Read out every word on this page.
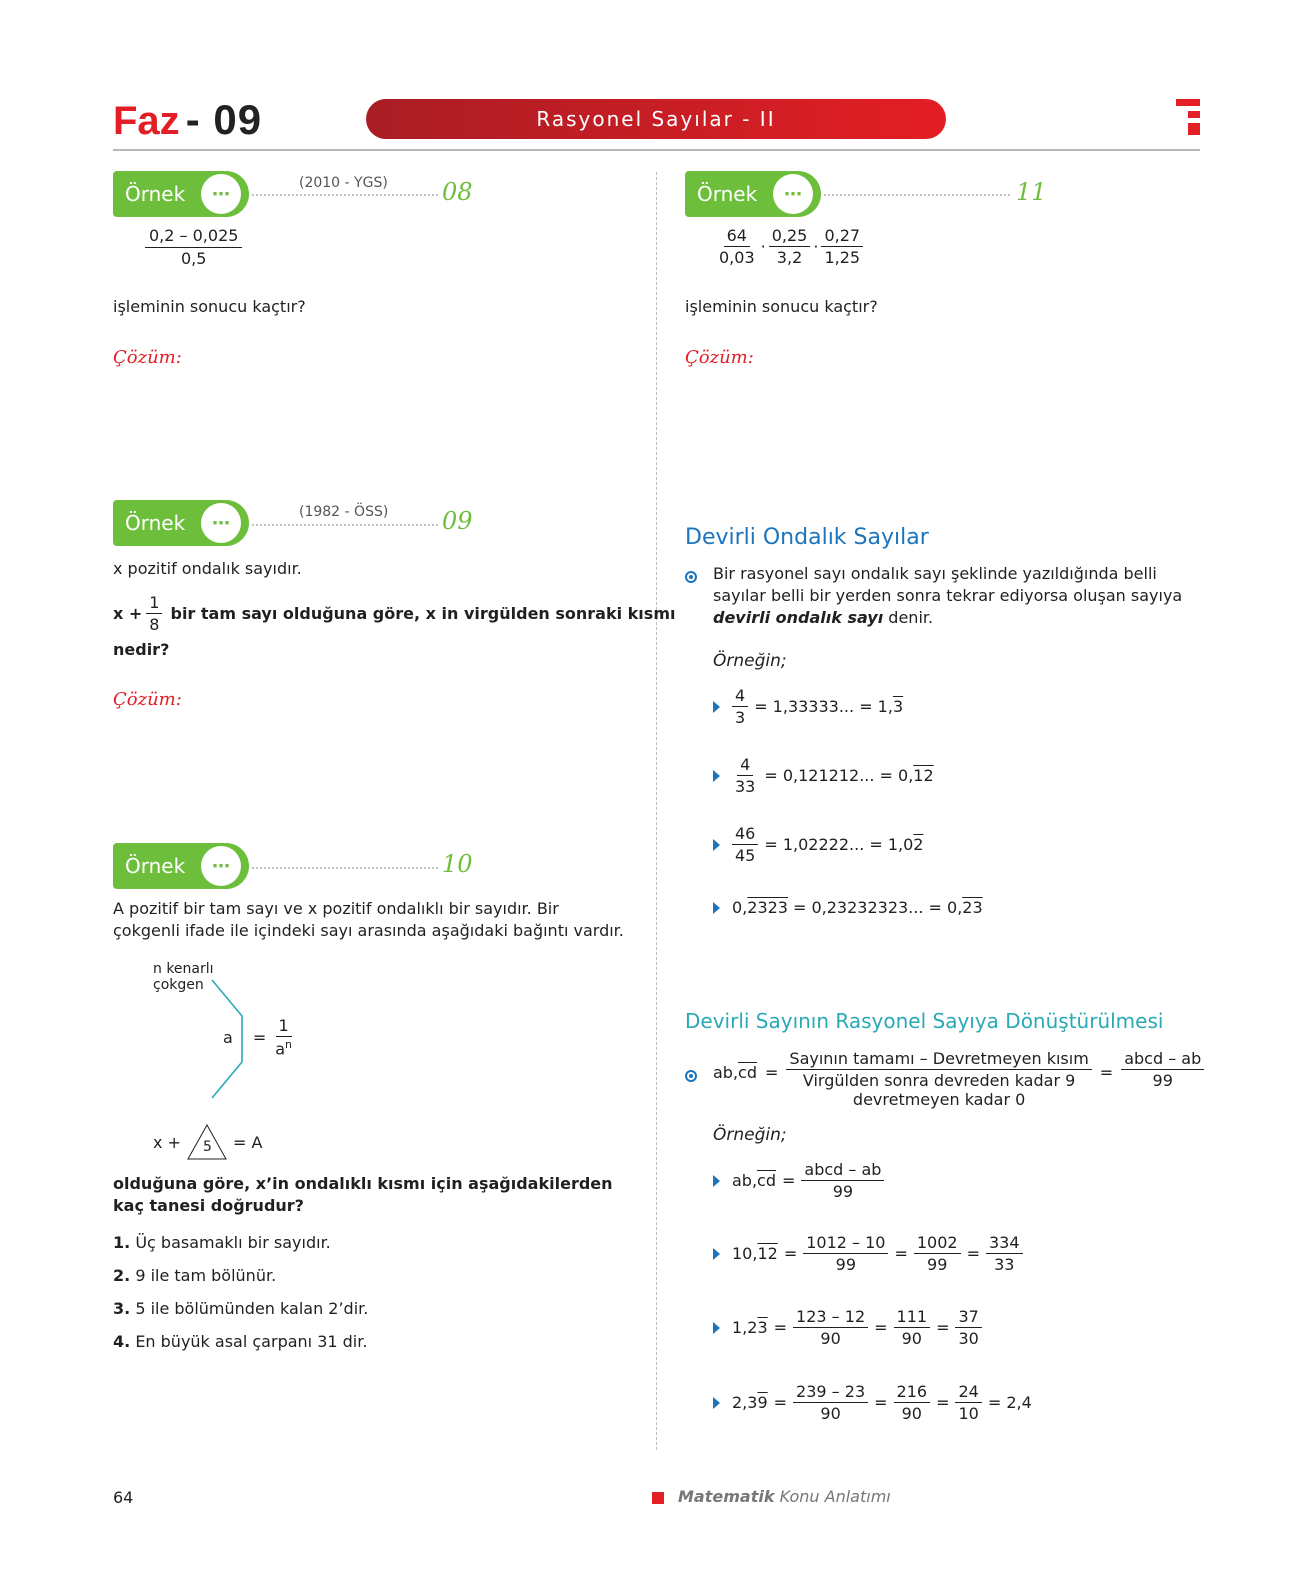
Faz - 09	Rasyonel Sayılar - II
Örnek	⋯
(2010 - YGS) 08
$\frac{0,2 - 0,025}{0,5}$
işleminin sonucu kaçtır?
Çözüm:
Örnek	⋯
(1982 - ÖSS) 09
x pozitif ondalık sayıdır.
$x + \frac{1}{8}$ bir tam sayı olduğuna göre, x in virgülden sonraki kısmı
nedir?
Çözüm:
Örnek	⋯	10
A pozitif bir tam sayı ve x pozitif ondalıklı bir sayıdır. Bir çokgenli ifade ile içindeki sayı arasında aşağıdaki bağıntı vardır.
n kenarlı
çokgen
$a = \frac{1}{a^n}$
x + 5 = A
olduğuna göre, x’in ondalıklı kısmı için aşağıdakilerden kaç tanesi doğrudur?
1. Üç basamaklı bir sayıdır.
2. 9 ile tam bölünür.
3. 5 ile bölümünden kalan 2’dir.
4. En büyük asal çarpanı 31 dir.
Örnek	⋯	11
$\frac{64}{0,03} \cdot \frac{0,25}{3,2} \cdot \frac{0,27}{1,25}$
işleminin sonucu kaçtır?
Çözüm:
Devirli Ondalık Sayılar
Bir rasyonel sayı ondalık sayı şeklinde yazıldığında belli sayılar belli bir yerden sonra tekrar ediyorsa oluşan sayıya devirli ondalık sayı denir.
Örneğin;
$\frac{4}{3} = 1,33333$... = 1, 3
$\frac{4}{33} = 0,121212$... = 0, 12
$\frac{46}{45} = 1,02222$... = 1,0 2
0, 2323 = 0,23232323... = 0, 23
Devirli Sayının Rasyonel Sayıya Dönüştürülmesi
$ab,\overline{cd}$ =
Sayının tamamı – Devretmeyen kısım
Virgülden sonra devreden kadar 9
devretmeyen kadar 0
= $\frac{\text{abcd – ab}}{99}$
Örneğin;
ab, $\overline{cd} = \frac{\text{abcd – ab}}{99}$
10, $12 = \frac{1012 - 10}{99} = \frac{1002}{99} = \frac{334}{33}$
1,2 $3 = \frac{123 - 12}{90} = \frac{111}{90} = \frac{37}{30}$
2,3 $9 = \frac{239 - 23}{90} = \frac{216}{90} = \frac{24}{10} = 2,4$
64	Matematik Konu Anlatımı
